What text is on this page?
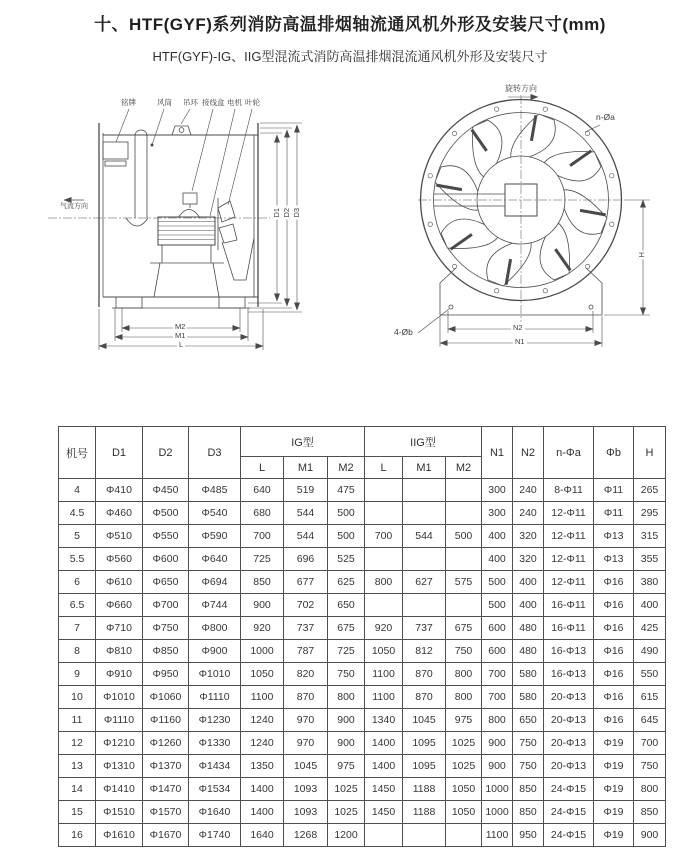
十、HTF(GYF)系列消防高温排烟轴流通风机外形及安装尺寸(mm)
HTF(GYF)-IG、IIG型混流式消防高温排烟混流通风机外形及安装尺寸
铭牌	风筒 吊环 接线盒 电机 叶轮
气流方向
D1 D2 D3
M2
M1
L
旋转方向
n-Øa
4-Øb	N2
N1
H
机号	D1	D2	D3	IG型			IIG型			N1	N2	n-Φa	Φb	H
				L	M1	M2	L	M1	M2					
4	Φ410	Φ450	Φ485	640	519	475				300	240	8-Φ11	Φ11	265
4.5	Φ460	Φ500	Φ540	680	544	500				300	240	12-Φ11	Φ11	295
5	Φ510	Φ550	Φ590	700	544	500	700	544	500	400	320	12-Φ11	Φ13	315
5.5	Φ560	Φ600	Φ640	725	696	525				400	320	12-Φ11	Φ13	355
6	Φ610	Φ650	Φ694	850	677	625	800	627	575	500	400	12-Φ11	Φ16	380
6.5	Φ660	Φ700	Φ744	900	702	650				500	400	16-Φ11	Φ16	400
7	Φ710	Φ750	Φ800	920	737	675	920	737	675	600	480	16-Φ11	Φ16	425
8	Φ810	Φ850	Φ900	1000	787	725	1050	812	750	600	480	16-Φ13	Φ16	490
9	Φ910	Φ950	Φ1010	1050	820	750	1100	870	800	700	580	16-Φ13	Φ16	550
10	Φ1010	Φ1060	Φ1110	1100	870	800	1100	870	800	700	580	20-Φ13	Φ16	615
11	Φ1110	Φ1160	Φ1230	1240	970	900	1340	1045	975	800	650	20-Φ13	Φ16	645
12	Φ1210	Φ1260	Φ1330	1240	970	900	1400	1095	1025	900	750	20-Φ13	Φ19	700
13	Φ1310	Φ1370	Φ1434	1350	1045	975	1400	1095	1025	900	750	20-Φ13	Φ19	750
14	Φ1410	Φ1470	Φ1534	1400	1093	1025	1450	1188	1050	1000	850	24-Φ15	Φ19	800
15	Φ1510	Φ1570	Φ1640	1400	1093	1025	1450	1188	1050	1000	850	24-Φ15	Φ19	850
16	Φ1610	Φ1670	Φ1740	1640	1268	1200				1100	950	24-Φ15	Φ19	900
